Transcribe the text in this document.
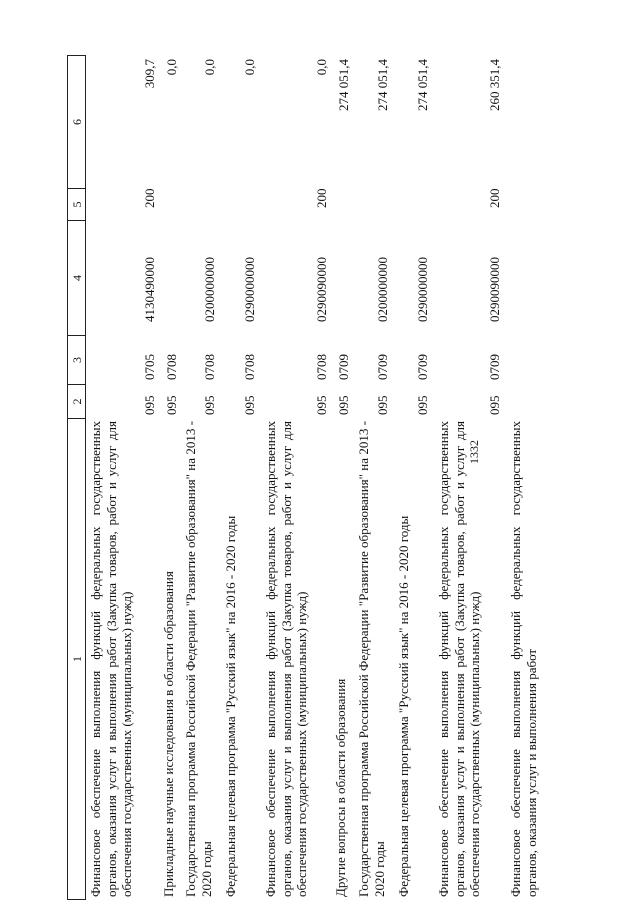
1332
1
2
3
4
5
6
Финансовое обеспечение выполнения функций федеральных государственных органов, оказания услуг и выполнения работ (Закупка товаров, работ и услуг для обеспечения государственных (муниципальных) нужд)
095
0705
4130490000
200
309,7
Прикладные научные исследования в области образования
095
0708
0,0
Государственная программа Российской Федерации "Развитие образования" на 2013 - 2020 годы
095
0708
0200000000
0,0
Федеральная целевая программа "Русский язык" на 2016 - 2020 годы
095
0708
0290000000
0,0
Финансовое обеспечение выполнения функций федеральных государственных органов, оказания услуг и выполнения работ (Закупка товаров, работ и услуг для обеспечения государственных (муниципальных) нужд)
095
0708
0290090000
200
0,0
Другие вопросы в области образования
095
0709
274 051,4
Государственная программа Российской Федерации "Развитие образования" на 2013 - 2020 годы
095
0709
0200000000
274 051,4
Федеральная целевая программа "Русский язык" на 2016 - 2020 годы
095
0709
0290000000
274 051,4
Финансовое обеспечение выполнения функций федеральных государственных органов, оказания услуг и выполнения работ (Закупка товаров, работ и услуг для обеспечения государственных (муниципальных) нужд)
095
0709
0290090000
200
260 351,4
Финансовое обеспечение выполнения функций федеральных государственных органов, оказания услуг и выполнения работ
